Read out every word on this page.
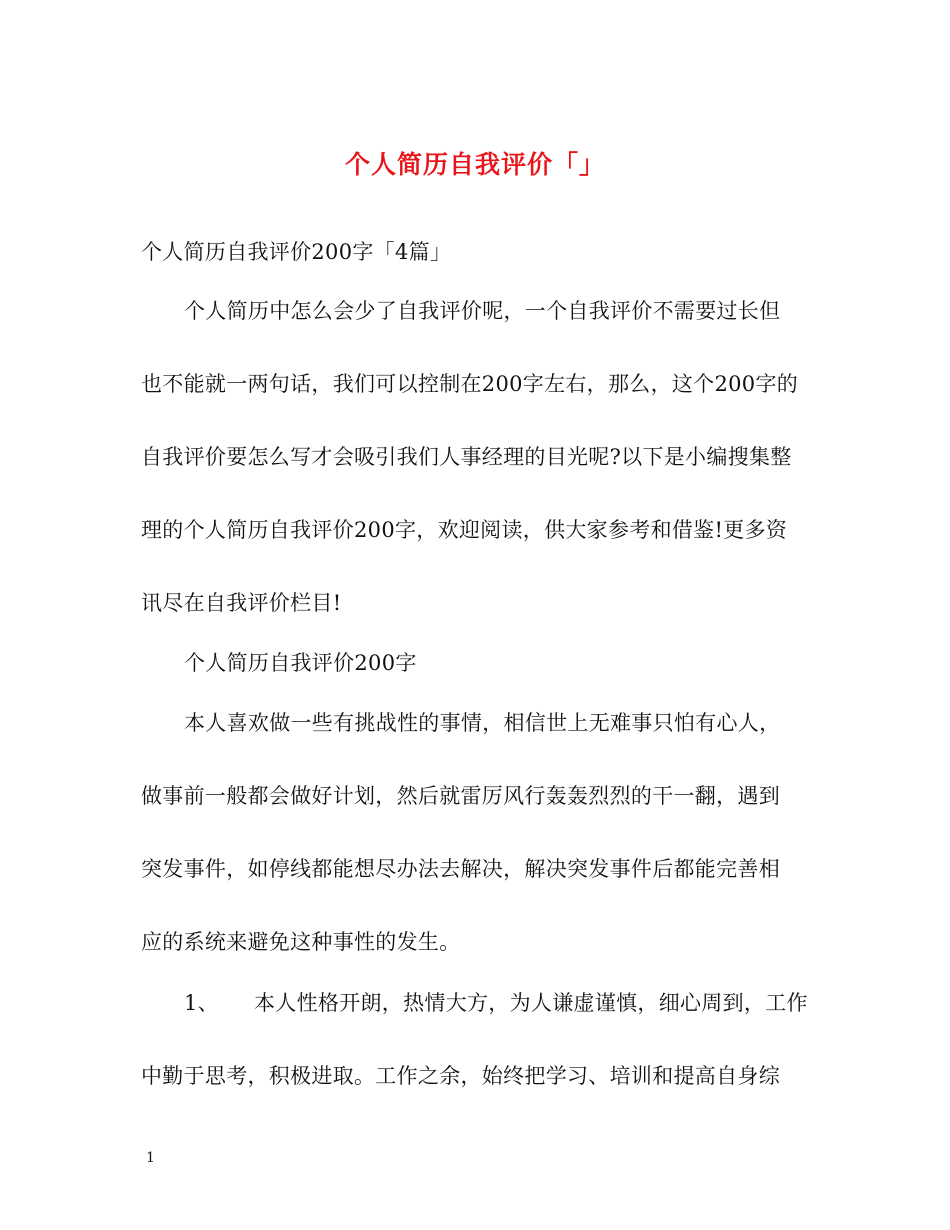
个人简历自我评价「」
个人简历自我评价200字「4篇」
个人简历中怎么会少了自我评价呢，一个自我评价不需要过长但
也不能就一两句话，我们可以控制在200字左右，那么，这个200字的
自我评价要怎么写才会吸引我们人事经理的目光呢?以下是小编搜集整
理的个人简历自我评价200字，欢迎阅读，供大家参考和借鉴!更多资
讯尽在自我评价栏目!
个人简历自我评价200字
本人喜欢做一些有挑战性的事情，相信世上无难事只怕有心人，
做事前一般都会做好计划，然后就雷厉风行轰轰烈烈的干一翻，遇到
突发事件，如停线都能想尽办法去解决，解决突发事件后都能完善相
应的系统来避免这种事性的发生。
1、 本人性格开朗，热情大方，为人谦虚谨慎，细心周到，工作
中勤于思考，积极进取。工作之余，始终把学习、培训和提高自身综
1
